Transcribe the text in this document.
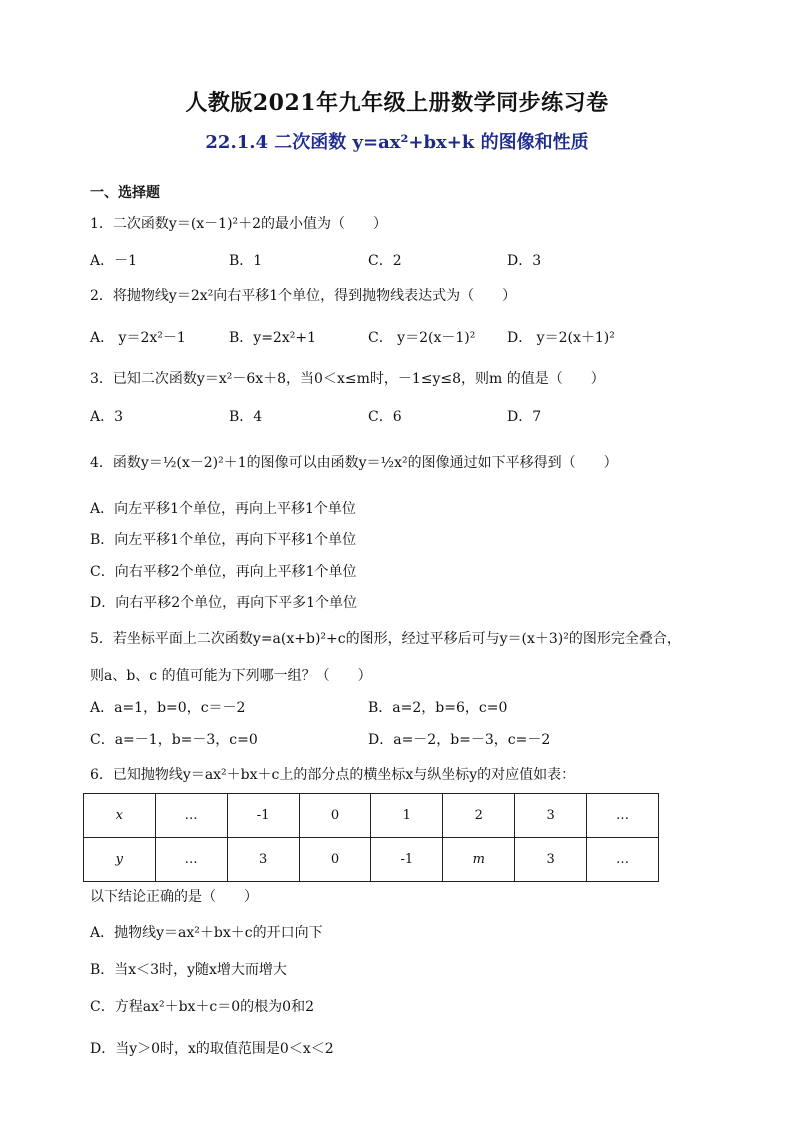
人教版2021年九年级上册数学同步练习卷
22.1.4 二次函数 y=ax²+bx+k 的图像和性质
一、选择题
1．二次函数y＝(x－1)²＋2的最小值为（　　）
A．－1	B．1	C．2	D．3
2．将抛物线y＝2x²向右平移1个单位，得到抛物线表达式为（　　）
A． y＝2x²－1	B．y=2x²+1	C． y＝2(x－1)² D． y＝2(x＋1)²
3．已知二次函数y＝x²－6x＋8，当0＜x≤m时，－1≤y≤8，则m 的值是（　　）
A．3	B．4	C．6	D．7
4．函数y＝½(x－2)²＋1的图像可以由函数y＝½x²的图像通过如下平移得到（　　）
A．向左平移1个单位，再向上平移1个单位
B．向左平移1个单位，再向下平移1个单位
C．向右平移2个单位，再向上平移1个单位
D．向右平移2个单位，再向下平多1个单位
5．若坐标平面上二次函数y=a(x+b)²+c的图形，经过平移后可与y＝(x＋3)²的图形完全叠合，
则a、b、c 的值可能为下列哪一组？（　　）
A．a=1，b=0，c＝－2	B．a=2，b=6，c=0
C．a=－1，b=－3，c=0	D．a=－2，b=－3，c=－2
6．已知抛物线y＝ax²＋bx＋c上的部分点的横坐标x与纵坐标y的对应值如表：
x	…	-1	0	1	2	3	…
y	…	3	0	-1	m	3	…
以下结论正确的是（　　）
A．抛物线y＝ax²＋bx＋c的开口向下
B．当x＜3时，y随x增大而增大
C．方程ax²＋bx＋c＝0的根为0和2
D．当y＞0时，x的取值范围是0＜x＜2
